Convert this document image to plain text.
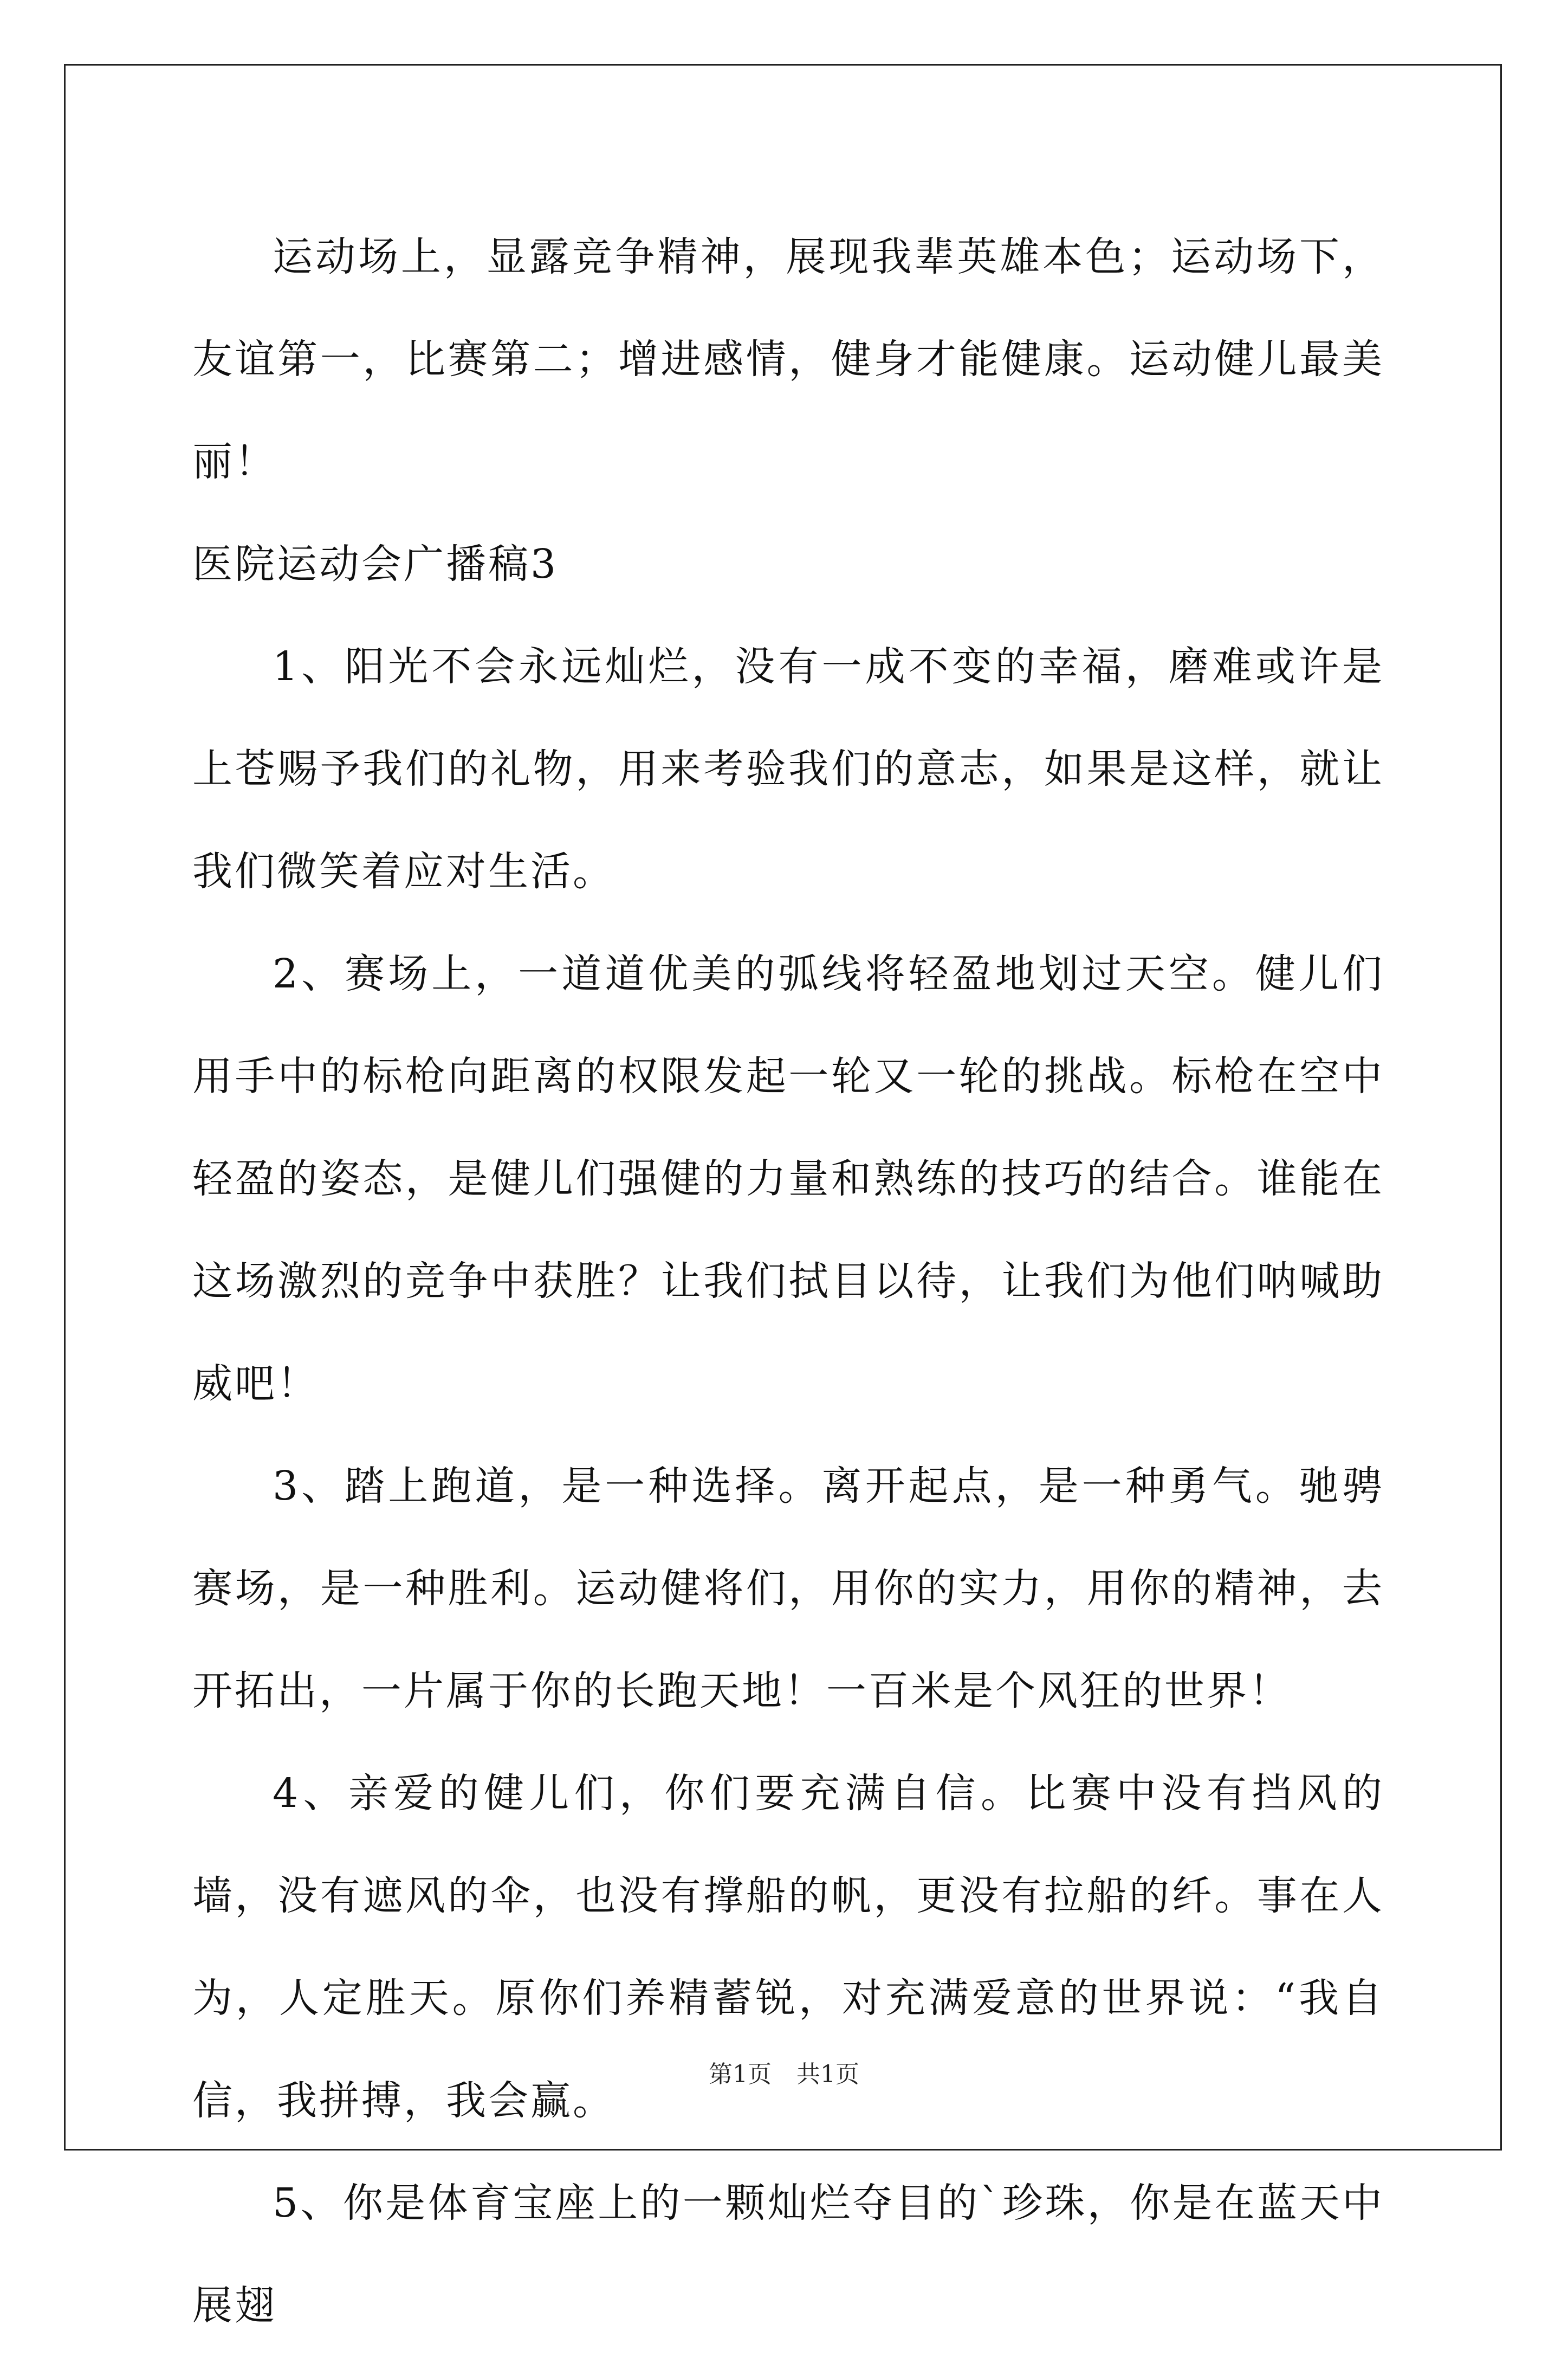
运动场上，显露竞争精神，展现我辈英雄本色；运动场下，友谊第一，比赛第二；增进感情，健身才能健康。运动健儿最美丽！

医院运动会广播稿3

1、阳光不会永远灿烂，没有一成不变的幸福，磨难或许是上苍赐予我们的礼物，用来考验我们的意志，如果是这样，就让我们微笑着应对生活。

2、赛场上，一道道优美的弧线将轻盈地划过天空。健儿们用手中的标枪向距离的权限发起一轮又一轮的挑战。标枪在空中轻盈的姿态，是健儿们强健的力量和熟练的技巧的结合。谁能在这场激烈的竞争中获胜？让我们拭目以待，让我们为他们呐喊助威吧！

3、踏上跑道，是一种选择。离开起点，是一种勇气。驰骋赛场，是一种胜利。运动健将们，用你的实力，用你的精神，去开拓出，一片属于你的长跑天地！一百米是个风狂的世界！

4、亲爱的健儿们，你们要充满自信。比赛中没有挡风的墙，没有遮风的伞，也没有撑船的帆，更没有拉船的纤。事在人为，人定胜天。原你们养精蓄锐，对充满爱意的世界说：“我自信，我拼搏，我会赢。

5、你是体育宝座上的一颗灿烂夺目的`珍珠，你是在蓝天中展翅

第1页 共1页
